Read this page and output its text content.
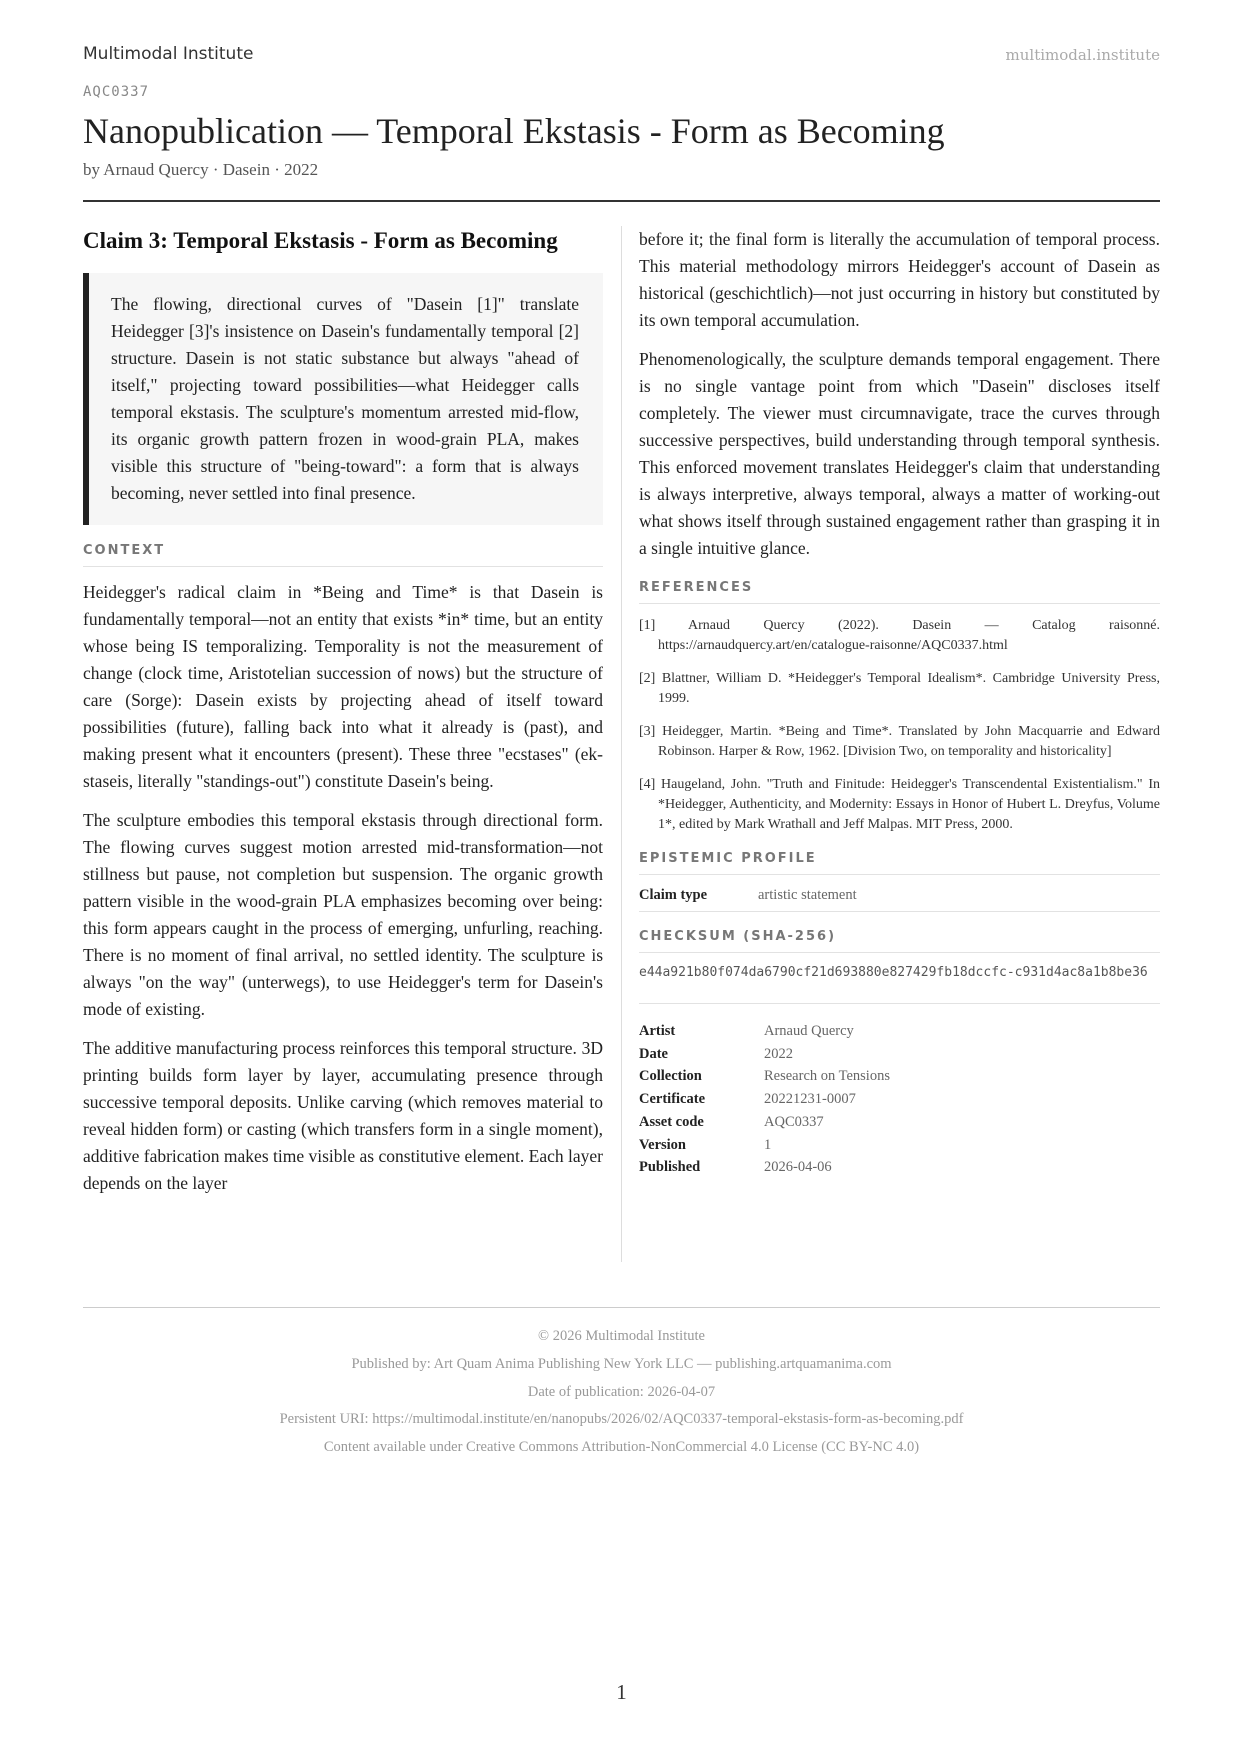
Multimodal Institute	multimodal.institute
AQC0337
Nanopublication — Temporal Ekstasis - Form as Becoming
by Arnaud Quercy · Dasein · 2022
Claim 3: Temporal Ekstasis - Form as Becoming
The flowing, directional curves of "Dasein [1]" translate Heidegger [3]'s insistence on Dasein's fundamentally temporal [2] structure. Dasein is not static substance but always "ahead of itself," projecting toward possibilities—what Heidegger calls temporal ekstasis. The sculpture's momentum arrested mid-flow, its organic growth pattern frozen in wood-grain PLA, makes visible this structure of "being-toward": a form that is always becoming, never settled into final presence.
CONTEXT

Heidegger's radical claim in *Being and Time* is that Dasein is fundamentally temporal—not an entity that exists *in* time, but an entity whose being IS temporalizing. Temporality is not the measurement of change (clock time, Aristotelian succession of nows) but the structure of care (Sorge): Dasein exists by projecting ahead of itself toward possibilities (future), falling back into what it already is (past), and making present what it encounters (present). These three "ecstases" (ek-staseis, literally "standings-out") constitute Dasein's being.

The sculpture embodies this temporal ekstasis through directional form. The flowing curves suggest motion arrested mid-transformation—not stillness but pause, not completion but suspension. The organic growth pattern visible in the wood-grain PLA emphasizes becoming over being: this form appears caught in the process of emerging, unfurling, reaching. There is no moment of final arrival, no settled identity. The sculpture is always "on the way" (unterwegs), to use Heidegger's term for Dasein's mode of existing.

The additive manufacturing process reinforces this temporal structure. 3D printing builds form layer by layer, accumulating presence through successive temporal deposits. Unlike carving (which removes material to reveal hidden form) or casting (which transfers form in a single moment), additive fabrication makes time visible as constitutive element. Each layer depends on the layer

before it; the final form is literally the accumulation of temporal process. This material methodology mirrors Heidegger's account of Dasein as historical (geschichtlich)—not just occurring in history but constituted by its own temporal accumulation.

Phenomenologically, the sculpture demands temporal engagement. There is no single vantage point from which "Dasein" discloses itself completely. The viewer must circumnavigate, trace the curves through successive perspectives, build understanding through temporal synthesis. This enforced movement translates Heidegger's claim that understanding is always interpretive, always temporal, always a matter of working-out what shows itself through sustained engagement rather than grasping it in a single intuitive glance.

REFERENCES
[1] Arnaud Quercy (2022). Dasein — Catalog raisonné. https://arnaudquercy.art/en/catalogue-raisonne/AQC0337.html
[2] Blattner, William D. *Heidegger's Temporal Idealism*. Cambridge University Press, 1999.
[3] Heidegger, Martin. *Being and Time*. Translated by John Macquarrie and Edward Robinson. Harper & Row, 1962. [Division Two, on temporality and historicality]
[4] Haugeland, John. "Truth and Finitude: Heidegger's Transcendental Existentialism." In *Heidegger, Authenticity, and Modernity: Essays in Honor of Hubert L. Dreyfus, Volume 1*, edited by Mark Wrathall and Jeff Malpas. MIT Press, 2000.
EPISTEMIC PROFILE
Claim type	artistic statement
CHECKSUM (SHA-256)
e44a921b80f074da6790cf21d693880e827429fb18dccfc-c931d4ac8a1b8be36
Artist	Arnaud Quercy
Date	2022
Collection	Research on Tensions
Certificate	20221231-0007
Asset code	AQC0337
Version	1
Published	2026-04-06
© 2026 Multimodal Institute
Published by: Art Quam Anima Publishing New York LLC — publishing.artquamanima.com
Date of publication: 2026-04-07
Persistent URI: https://multimodal.institute/en/nanopubs/2026/02/AQC0337-temporal-ekstasis-form-as-becoming.pdf
Content available under Creative Commons Attribution-NonCommercial 4.0 License (CC BY-NC 4.0)
1
